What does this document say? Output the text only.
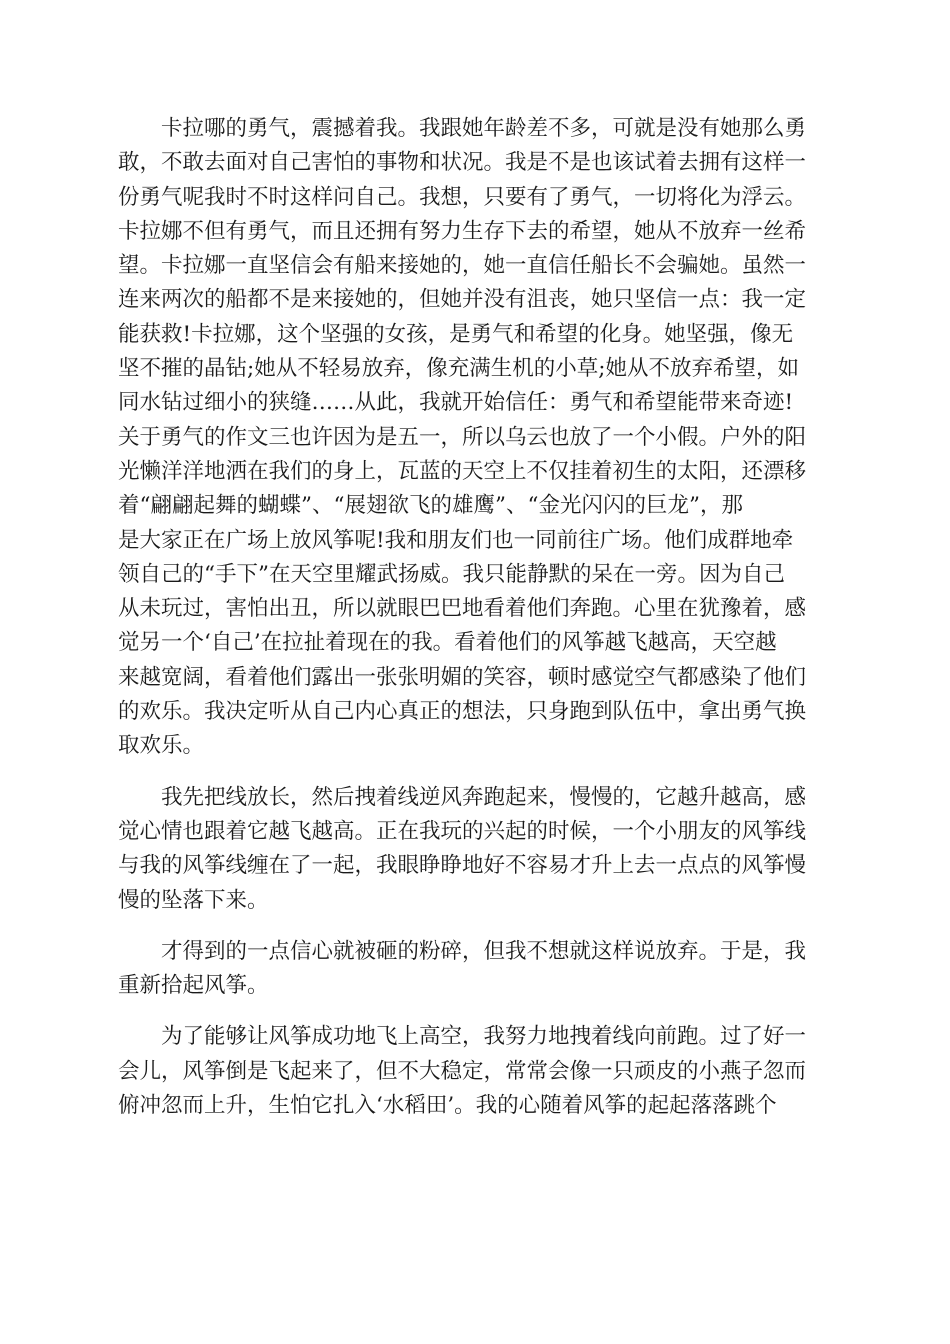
卡拉哪的勇气，震撼着我。我跟她年龄差不多，可就是没有她那么勇
敢，不敢去面对自己害怕的事物和状况。我是不是也该试着去拥有这样一
份勇气呢我时不时这样问自己。我想，只要有了勇气，一切将化为浮云。
卡拉娜不但有勇气，而且还拥有努力生存下去的希望，她从不放弃一丝希
望。卡拉娜一直坚信会有船来接她的，她一直信任船长不会骗她。虽然一
连来两次的船都不是来接她的，但她并没有沮丧，她只坚信一点：我一定
能获救!卡拉娜，这个坚强的女孩，是勇气和希望的化身。她坚强，像无
坚不摧的晶钻;她从不轻易放弃，像充满生机的小草;她从不放弃希望，如
同水钻过细小的狭缝……从此，我就开始信任：勇气和希望能带来奇迹!
关于勇气的作文三也许因为是五一，所以乌云也放了一个小假。户外的阳
光懒洋洋地洒在我们的身上，瓦蓝的天空上不仅挂着初生的太阳，还漂移
着“翩翩起舞的蝴蝶”、“展翅欲飞的雄鹰”、“金光闪闪的巨龙”，那
是大家正在广场上放风筝呢!我和朋友们也一同前往广场。他们成群地牵
领自己的“手下”在天空里耀武扬威。我只能静默的呆在一旁。因为自己
从未玩过，害怕出丑，所以就眼巴巴地看着他们奔跑。心里在犹豫着，感
觉另一个‘自己’在拉扯着现在的我。看着他们的风筝越飞越高，天空越
来越宽阔，看着他们露出一张张明媚的笑容，顿时感觉空气都感染了他们
的欢乐。我决定听从自己内心真正的想法，只身跑到队伍中，拿出勇气换
取欢乐。
我先把线放长，然后拽着线逆风奔跑起来，慢慢的，它越升越高，感
觉心情也跟着它越飞越高。正在我玩的兴起的时候，一个小朋友的风筝线
与我的风筝线缠在了一起，我眼睁睁地好不容易才升上去一点点的风筝慢
慢的坠落下来。
才得到的一点信心就被砸的粉碎，但我不想就这样说放弃。于是，我
重新拾起风筝。
为了能够让风筝成功地飞上高空，我努力地拽着线向前跑。过了好一
会儿，风筝倒是飞起来了，但不大稳定，常常会像一只顽皮的小燕子忽而
俯冲忽而上升，生怕它扎入‘水稻田’。我的心随着风筝的起起落落跳个
